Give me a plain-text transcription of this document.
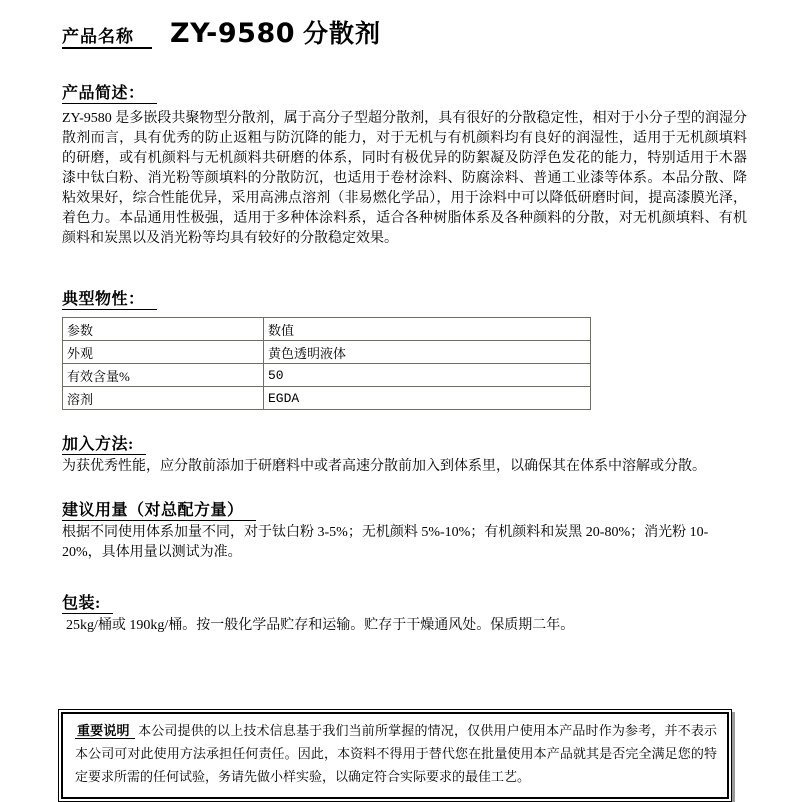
产品名称	ZY-9580 分散剂
产品简述：

ZY-9580 是多嵌段共聚物型分散剂，属于高分子型超分散剂，具有很好的分散稳定性，相对于小分子型的润湿分散剂而言，具有优秀的防止返粗与防沉降的能力，对于无机与有机颜料均有良好的润湿性，适用于无机颜填料的研磨，或有机颜料与无机颜料共研磨的体系，同时有极优异的防絮凝及防浮色发花的能力，特别适用于木器漆中钛白粉、消光粉等颜填料的分散防沉，也适用于卷材涂料、防腐涂料、普通工业漆等体系。本品分散、降粘效果好，综合性能优异，采用高沸点溶剂（非易燃化学品），用于涂料中可以降低研磨时间，提高漆膜光泽，着色力。本品通用性极强，适用于多种体涂料系，适合各种树脂体系及各种颜料的分散，对无机颜填料、有机颜料和炭黑以及消光粉等均具有较好的分散稳定效果。

典型物性：
参数	数值
外观	黄色透明液体
有效含量%	50
溶剂	EGDA
加入方法:

为获优秀性能，应分散前添加于研磨料中或者高速分散前加入到体系里，以确保其在体系中溶解或分散。

建议用量（对总配方量）

根据不同使用体系加量不同，对于钛白粉 3-5%；无机颜料 5%-10%；有机颜料和炭黑 20-80%；消光粉 10-20%，具体用量以测试为准。

包装:

25kg/桶或 190kg/桶。按一般化学品贮存和运输。贮存于干燥通风处。保质期二年。

重要说明 本公司提供的以上技术信息基于我们当前所掌握的情况，仅供用户使用本产品时作为参考，并不表示本公司可对此使用方法承担任何责任。因此，本资料不得用于替代您在批量使用本产品就其是否完全满足您的特定要求所需的任何试验，务请先做小样实验，以确定符合实际要求的最佳工艺。
